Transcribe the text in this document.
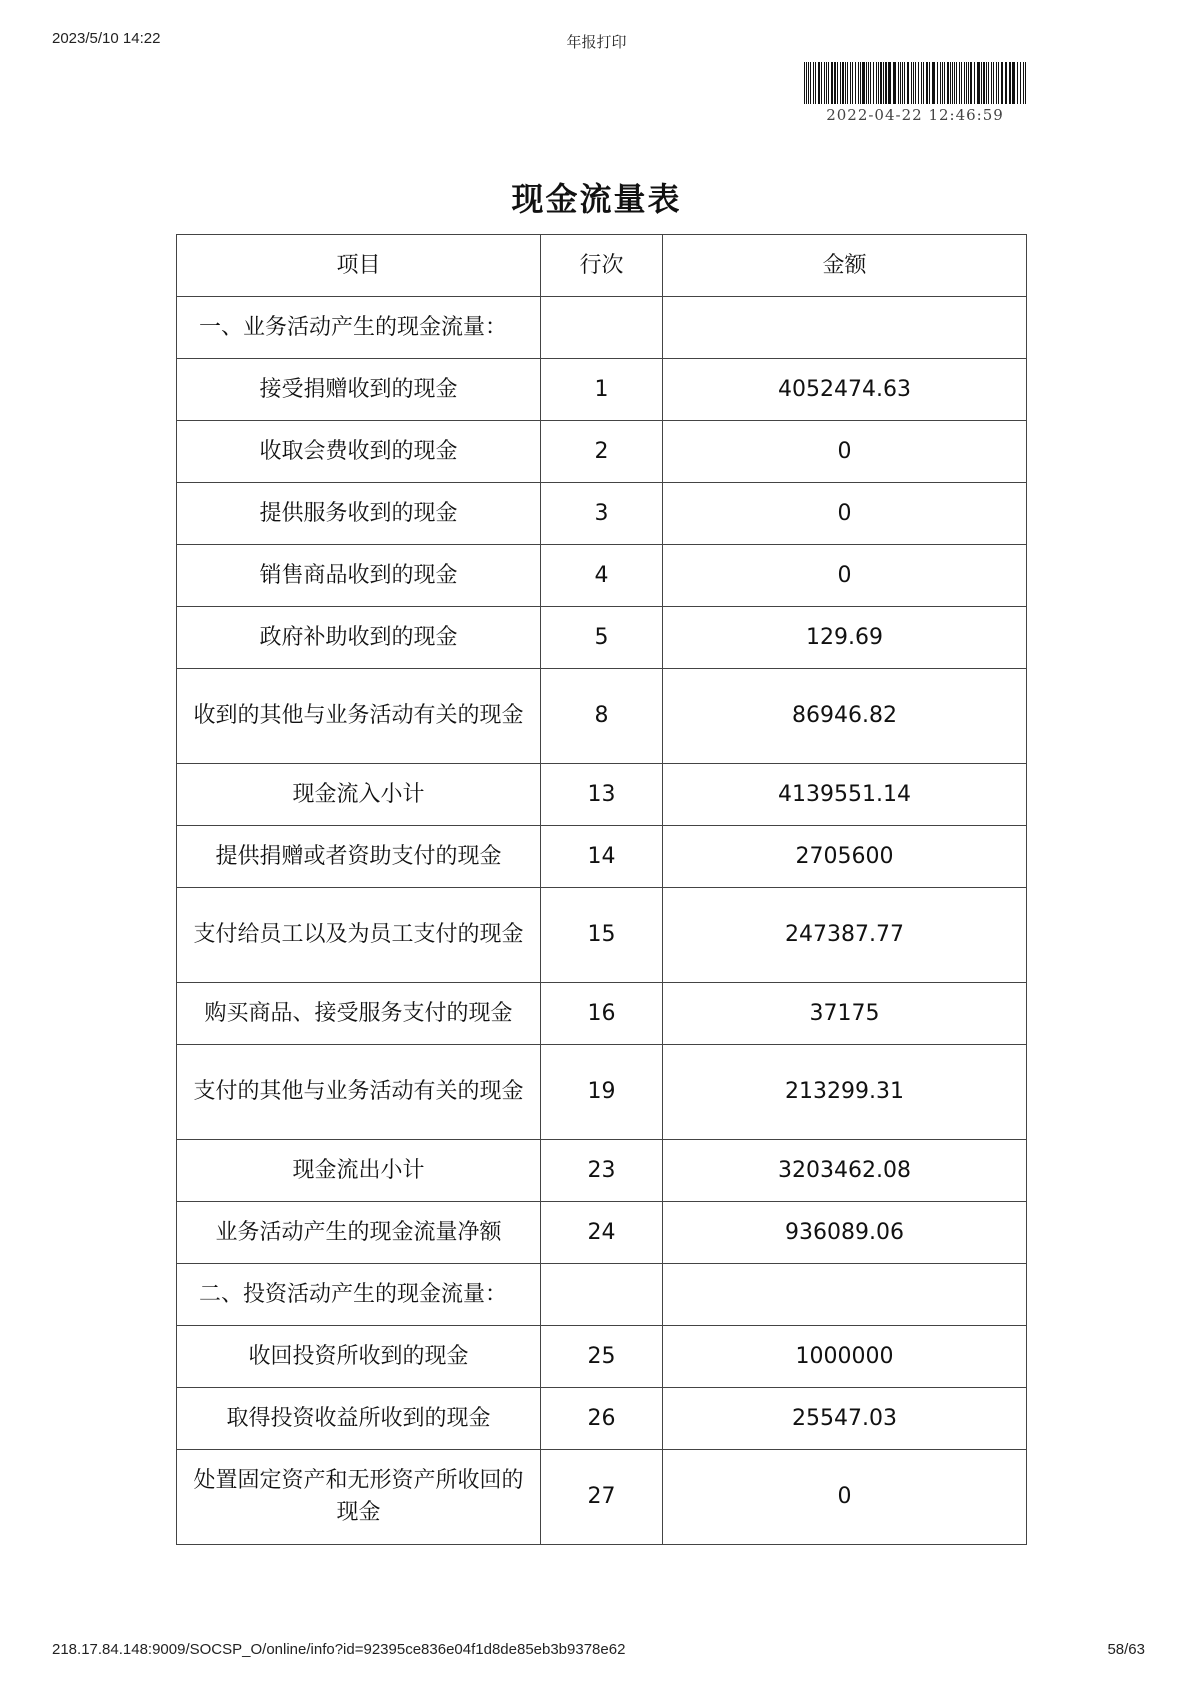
2023/5/10 14:22	年报打印
2022-04-22 12:46:59
现金流量表
项目	行次	金额
一、业务活动产生的现金流量：		
接受捐赠收到的现金	1	4052474.63
收取会费收到的现金	2	0
提供服务收到的现金	3	0
销售商品收到的现金	4	0
政府补助收到的现金	5	129.69
收到的其他与业务活动有关的现金	8	86946.82
现金流入小计	13	4139551.14
提供捐赠或者资助支付的现金	14	2705600
支付给员工以及为员工支付的现金	15	247387.77
购买商品、接受服务支付的现金	16	37175
支付的其他与业务活动有关的现金	19	213299.31
现金流出小计	23	3203462.08
业务活动产生的现金流量净额	24	936089.06
二、投资活动产生的现金流量：		
收回投资所收到的现金	25	1000000
取得投资收益所收到的现金	26	25547.03
处置固定资产和无形资产所收回的现金	27	0
218.17.84.148:9009/SOCSP_O/online/info?id=92395ce836e04f1d8de85eb3b9378e62	58/63
